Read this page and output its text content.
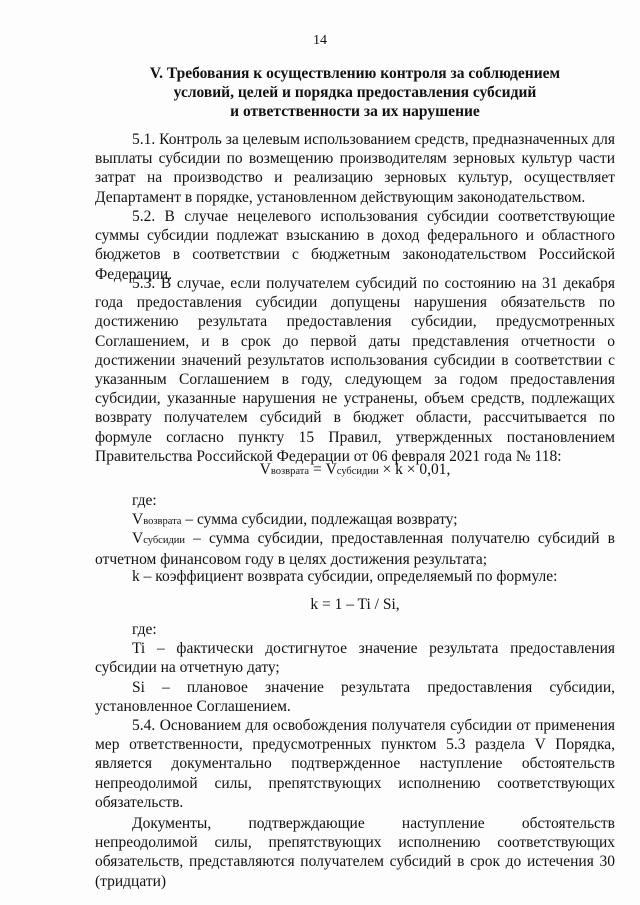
14
V. Требования к осуществлению контроля за соблюдением
условий, целей и порядка предоставления субсидий
и ответственности за их нарушение

5.1. Контроль за целевым использованием средств, предназначенных для выплаты субсидии по возмещению производителям зерновых культур части затрат на производство и реализацию зерновых культур, осуществляет Департамент в порядке, установленном действующим законодательством.

5.2. В случае нецелевого использования субсидии соответствующие суммы субсидии подлежат взысканию в доход федерального и областного бюджетов в соответствии с бюджетным законодательством Российской Федерации.

5.3. В случае, если получателем субсидий по состоянию на 31 декабря года предоставления субсидии допущены нарушения обязательств по достижению результата предоставления субсидии, предусмотренных Соглашением, и в срок до первой даты представления отчетности о достижении значений результатов использования субсидии в соответствии с указанным Соглашением в году, следующем за годом предоставления субсидии, указанные нарушения не устранены, объем средств, подлежащих возврату получателем субсидий в бюджет области, рассчитывается по формуле согласно пункту 15 Правил, утвержденных постановлением Правительства Российской Федерации от 06 февраля 2021 года № 118:

Vвозврата = Vсубсидии × k × 0,01,

где:

Vвозврата – сумма субсидии, подлежащая возврату;

Vсубсидии – сумма субсидии, предоставленная получателю субсидий в отчетном финансовом году в целях достижения результата;

k – коэффициент возврата субсидии, определяемый по формуле:

k = 1 – Ti / Si,

где:

Ti – фактически достигнутое значение результата предоставления субсидии на отчетную дату;

Si – плановое значение результата предоставления субсидии, установленное Соглашением.

5.4. Основанием для освобождения получателя субсидии от применения мер ответственности, предусмотренных пунктом 5.3 раздела V Порядка, является документально подтвержденное наступление обстоятельств непреодолимой силы, препятствующих исполнению соответствующих обязательств.

Документы, подтверждающие наступление обстоятельств непреодолимой силы, препятствующих исполнению соответствующих обязательств, представляются получателем субсидий в срок до истечения 30 (тридцати)
